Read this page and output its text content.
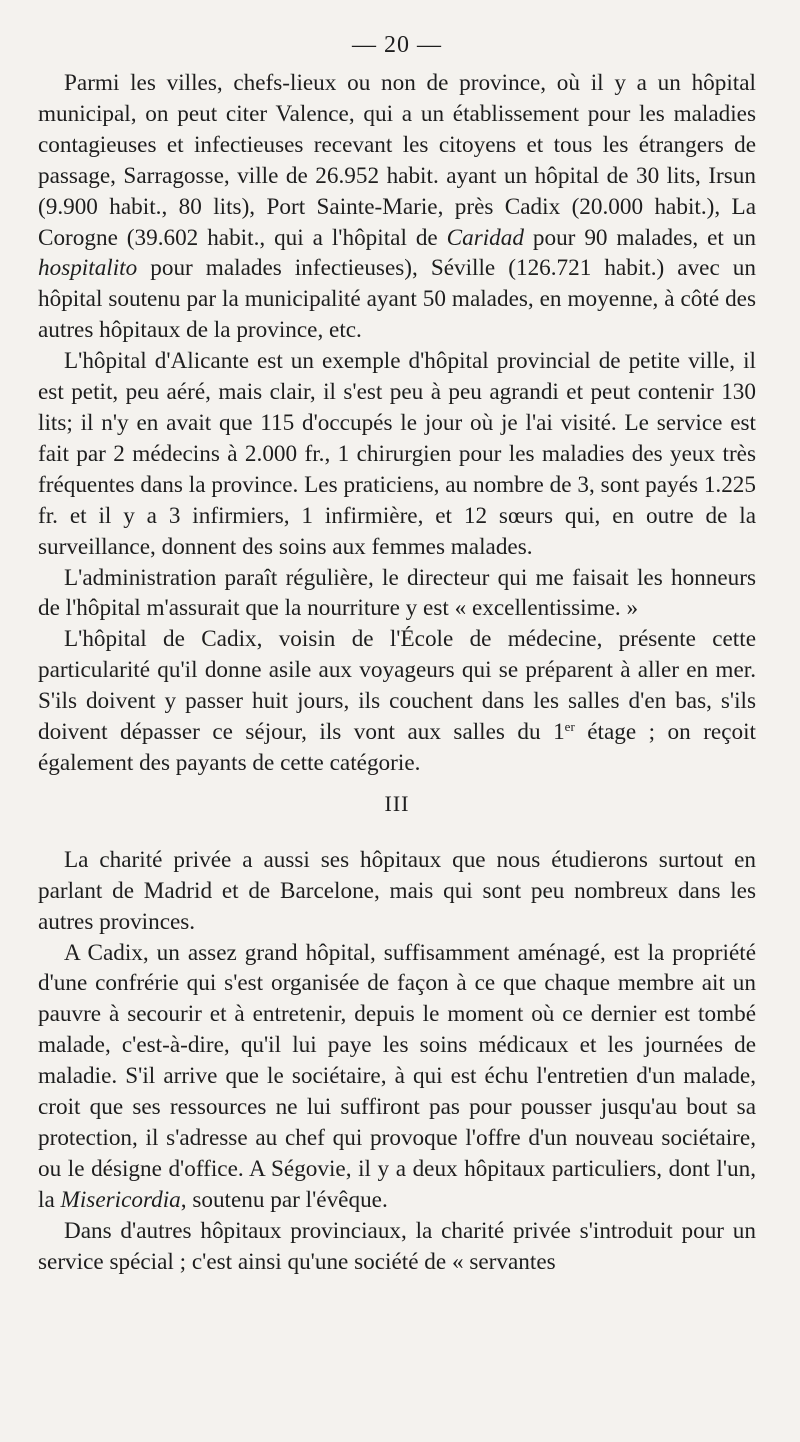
— 20 —

Parmi les villes, chefs-lieux ou non de province, où il y a un hôpital municipal, on peut citer Valence, qui a un établissement pour les maladies contagieuses et infectieuses recevant les citoyens et tous les étrangers de passage, Sarragosse, ville de 26.952 habit. ayant un hôpital de 30 lits, Irsun (9.900 habit., 80 lits), Port Sainte-Marie, près Cadix (20.000 habit.), La Corogne (39.602 habit., qui a l'hôpital de Caridad pour 90 malades, et un hospitalito pour malades infectieuses), Séville (126.721 habit.) avec un hôpital soutenu par la municipalité ayant 50 malades, en moyenne, à côté des autres hôpitaux de la province, etc.

L'hôpital d'Alicante est un exemple d'hôpital provincial de petite ville, il est petit, peu aéré, mais clair, il s'est peu à peu agrandi et peut contenir 130 lits; il n'y en avait que 115 d'occupés le jour où je l'ai visité. Le service est fait par 2 médecins à 2.000 fr., 1 chirurgien pour les maladies des yeux très fréquentes dans la province. Les praticiens, au nombre de 3, sont payés 1.225 fr. et il y a 3 infirmiers, 1 infirmière, et 12 sœurs qui, en outre de la surveillance, donnent des soins aux femmes malades.

L'administration paraît régulière, le directeur qui me faisait les honneurs de l'hôpital m'assurait que la nourriture y est « excellentissime. »

L'hôpital de Cadix, voisin de l'École de médecine, présente cette particularité qu'il donne asile aux voyageurs qui se préparent à aller en mer. S'ils doivent y passer huit jours, ils couchent dans les salles d'en bas, s'ils doivent dépasser ce séjour, ils vont aux salles du 1er étage ; on reçoit également des payants de cette catégorie.

III

La charité privée a aussi ses hôpitaux que nous étudierons surtout en parlant de Madrid et de Barcelone, mais qui sont peu nombreux dans les autres provinces.

A Cadix, un assez grand hôpital, suffisamment aménagé, est la propriété d'une confrérie qui s'est organisée de façon à ce que chaque membre ait un pauvre à secourir et à entretenir, depuis le moment où ce dernier est tombé malade, c'est-à-dire, qu'il lui paye les soins médicaux et les journées de maladie. S'il arrive que le sociétaire, à qui est échu l'entretien d'un malade, croit que ses ressources ne lui suffiront pas pour pousser jusqu'au bout sa protection, il s'adresse au chef qui provoque l'offre d'un nouveau sociétaire, ou le désigne d'office. A Ségovie, il y a deux hôpitaux particuliers, dont l'un, la Misericordia, soutenu par l'évêque.

Dans d'autres hôpitaux provinciaux, la charité privée s'introduit pour un service spécial ; c'est ainsi qu'une société de « servantes
